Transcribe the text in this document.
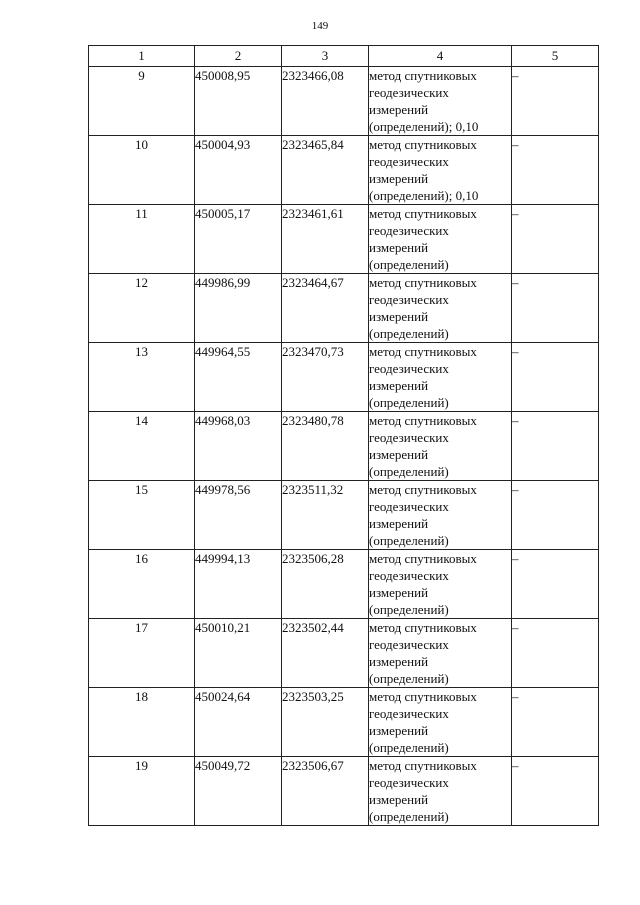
149
1	2	3	4	5
9	450008,95	2323466,08	метод спутниковых
геодезических
измерений
(определений); 0,10	–
10	450004,93	2323465,84	метод спутниковых
геодезических
измерений
(определений); 0,10	–
11	450005,17	2323461,61	метод спутниковых
геодезических
измерений
(определений)	–
12	449986,99	2323464,67	метод спутниковых
геодезических
измерений
(определений)	–
13	449964,55	2323470,73	метод спутниковых
геодезических
измерений
(определений)	–
14	449968,03	2323480,78	метод спутниковых
геодезических
измерений
(определений)	–
15	449978,56	2323511,32	метод спутниковых
геодезических
измерений
(определений)	–
16	449994,13	2323506,28	метод спутниковых
геодезических
измерений
(определений)	–
17	450010,21	2323502,44	метод спутниковых
геодезических
измерений
(определений)	–
18	450024,64	2323503,25	метод спутниковых
геодезических
измерений
(определений)	–
19	450049,72	2323506,67	метод спутниковых
геодезических
измерений
(определений)	–
